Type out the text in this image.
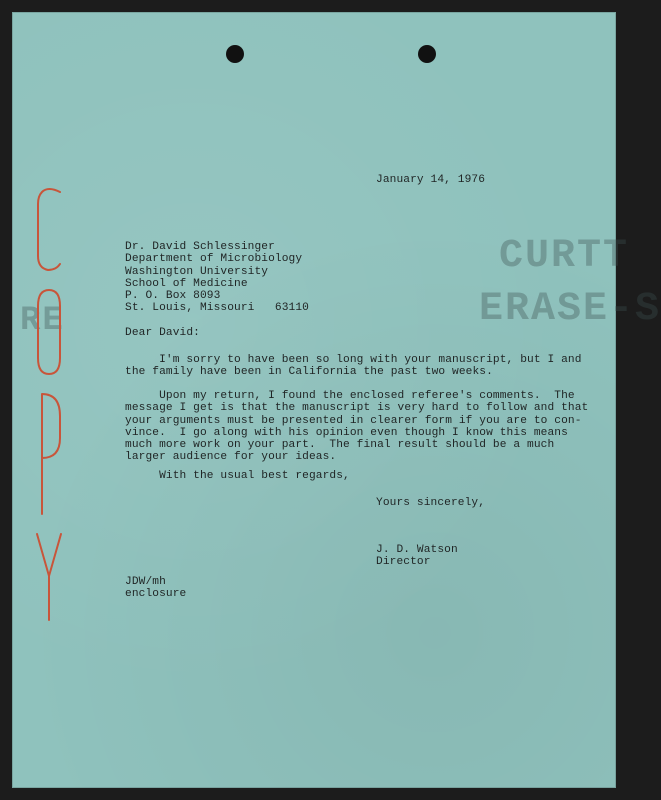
CURTT
ERASE-S
RE
January 14, 1976
Dr. David Schlessinger
Department of Microbiology
Washington University
School of Medicine
P. O. Box 8093
St. Louis, Missouri   63110
Dear David:
I'm sorry to have been so long with your manuscript, but I and
the family have been in California the past two weeks.
Upon my return, I found the enclosed referee's comments.  The
message I get is that the manuscript is very hard to follow and that
your arguments must be presented in clearer form if you are to con-
vince.  I go along with his opinion even though I know this means
much more work on your part.  The final result should be a much
larger audience for your ideas.
With the usual best regards,
Yours sincerely,
J. D. Watson
Director
JDW/mh
enclosure
